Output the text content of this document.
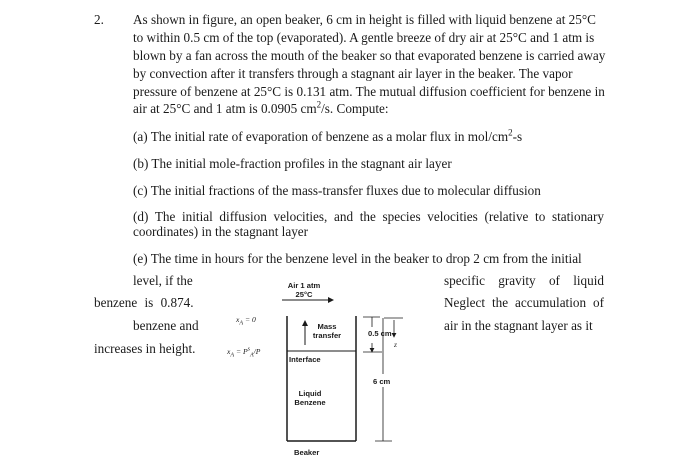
2. As shown in figure, an open beaker, 6 cm in height is filled with liquid benzene at 25°C
to within 0.5 cm of the top (evaporated). A gentle breeze of dry air at 25°C and 1 atm is
blown by a fan across the mouth of the beaker so that evaporated benzene is carried away
by convection after it transfers through a stagnant air layer in the beaker. The vapor
pressure of benzene at 25°C is 0.131 atm. The mutual diffusion coefficient for benzene in
air at 25°C and 1 atm is 0.0905 $cm^2/s$. Compute:
(a) The initial rate of evaporation of benzene as a molar flux in mol/$cm^2-s$
(b) The initial mole-fraction profiles in the stagnant air layer
(c) The initial fractions of the mass-transfer fluxes due to molecular diffusion
(d) The initial diffusion velocities, and the species velocities (relative to stationary
coordinates) in the stagnant layer
(e) The time in hours for the benzene level in the beaker to drop 2 cm from the initial
level, if the
benzene is 0.874.
benzene and
increases in height.
specific gravity of liquid
Neglect the accumulation of
air in the stagnant layer as it
Air 1 atm
25°C
$x_A = 0$
$x_A = P^s_A/P$
Mass
transfer	0.5 cm
z
Interface
6 cm
Liquid
Benzene
Beaker
